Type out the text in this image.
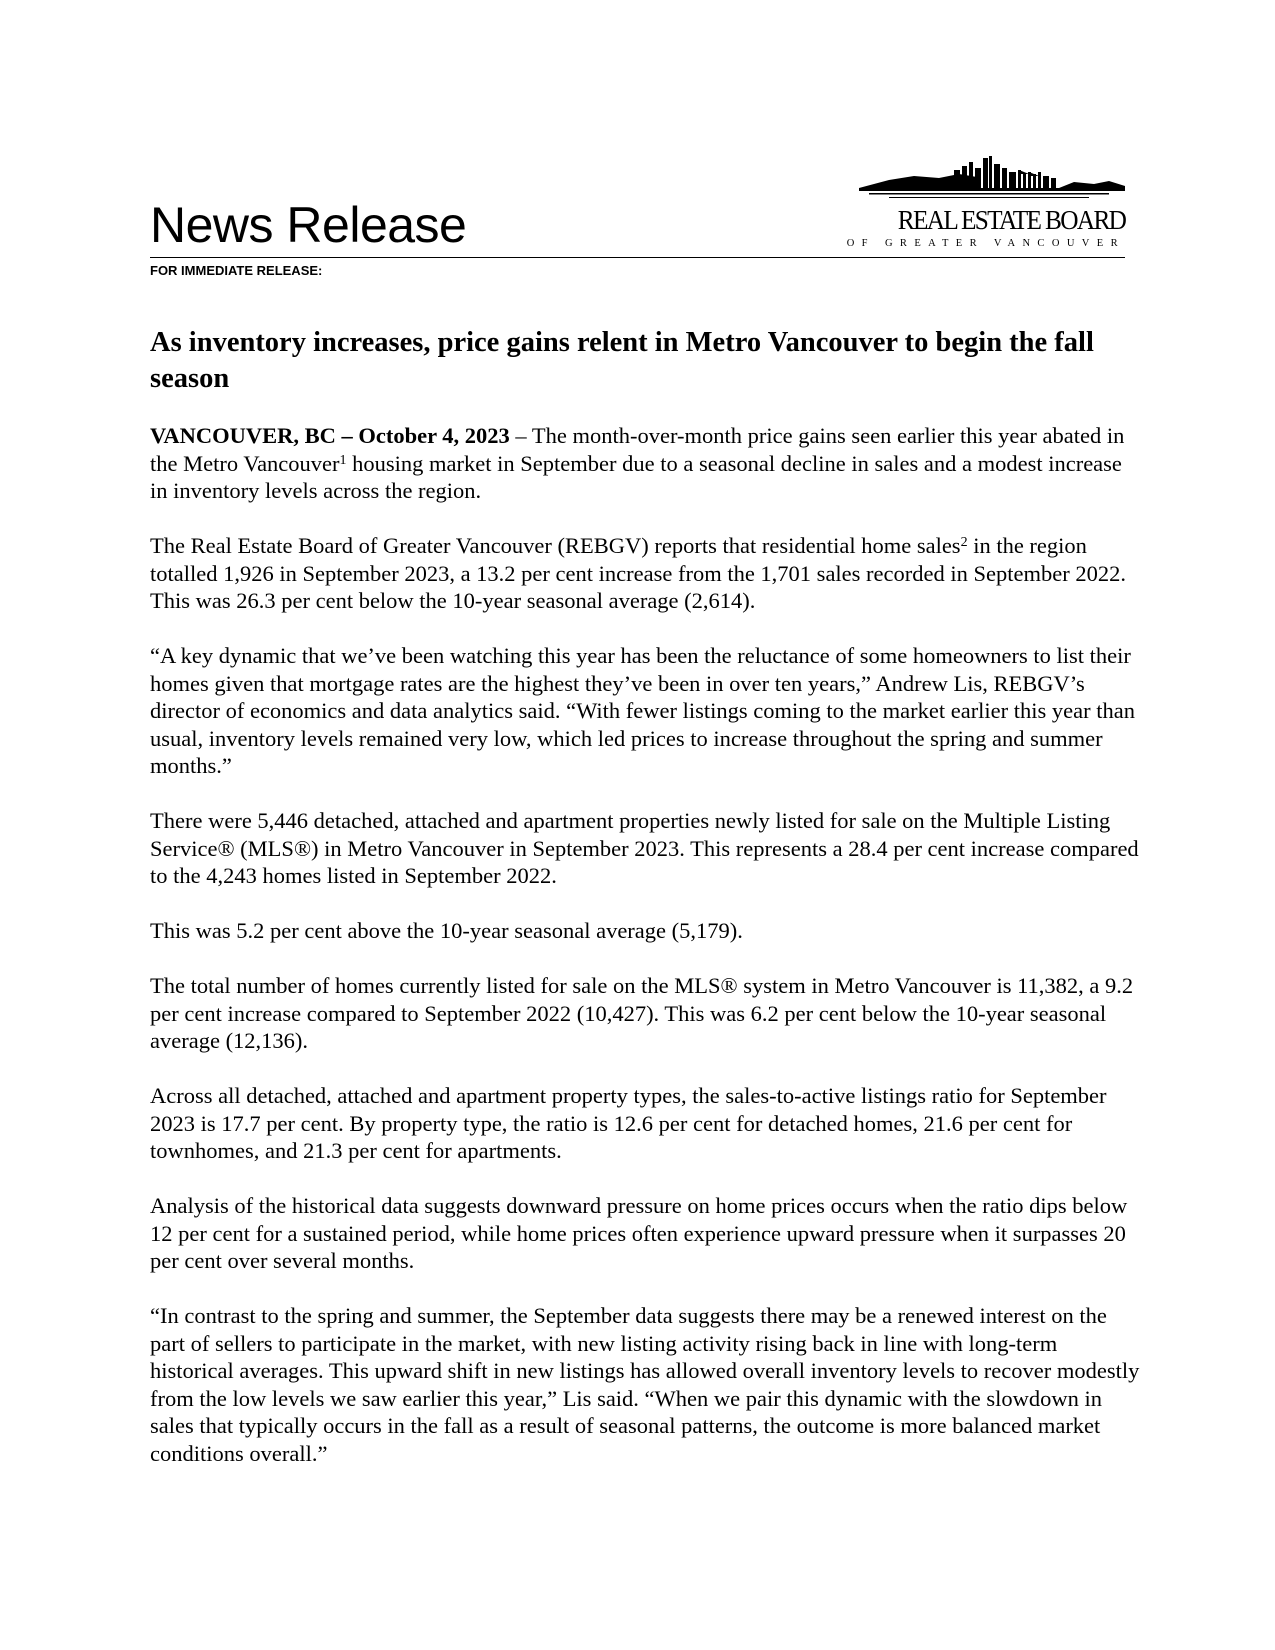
News Release	REAL ESTATE BOARD
OF GREATER VANCOUVER
FOR IMMEDIATE RELEASE:
As inventory increases, price gains relent in Metro Vancouver to begin the fall season

VANCOUVER, BC – October 4, 2023 – The month-over-month price gains seen earlier this year abated in the Metro Vancouver$^1$ housing market in September due to a seasonal decline in sales and a modest increase in inventory levels across the region.

The Real Estate Board of Greater Vancouver (REBGV) reports that residential home sales$^2$ in the region totalled 1,926 in September 2023, a 13.2 per cent increase from the 1,701 sales recorded in September 2022. This was 26.3 per cent below the 10-year seasonal average (2,614).

“A key dynamic that we’ve been watching this year has been the reluctance of some homeowners to list their homes given that mortgage rates are the highest they’ve been in over ten years,” Andrew Lis, REBGV’s director of economics and data analytics said. “With fewer listings coming to the market earlier this year than usual, inventory levels remained very low, which led prices to increase throughout the spring and summer months.”

There were 5,446 detached, attached and apartment properties newly listed for sale on the Multiple Listing Service® (MLS®) in Metro Vancouver in September 2023. This represents a 28.4 per cent increase compared to the 4,243 homes listed in September 2022.

This was 5.2 per cent above the 10-year seasonal average (5,179).

The total number of homes currently listed for sale on the MLS® system in Metro Vancouver is 11,382, a 9.2 per cent increase compared to September 2022 (10,427). This was 6.2 per cent below the 10-year seasonal average (12,136).

Across all detached, attached and apartment property types, the sales-to-active listings ratio for September 2023 is 17.7 per cent. By property type, the ratio is 12.6 per cent for detached homes, 21.6 per cent for townhomes, and 21.3 per cent for apartments.

Analysis of the historical data suggests downward pressure on home prices occurs when the ratio dips below 12 per cent for a sustained period, while home prices often experience upward pressure when it surpasses 20 per cent over several months.

“In contrast to the spring and summer, the September data suggests there may be a renewed interest on the part of sellers to participate in the market, with new listing activity rising back in line with long-term historical averages. This upward shift in new listings has allowed overall inventory levels to recover modestly from the low levels we saw earlier this year,” Lis said. “When we pair this dynamic with the slowdown in sales that typically occurs in the fall as a result of seasonal patterns, the outcome is more balanced market conditions overall.”
